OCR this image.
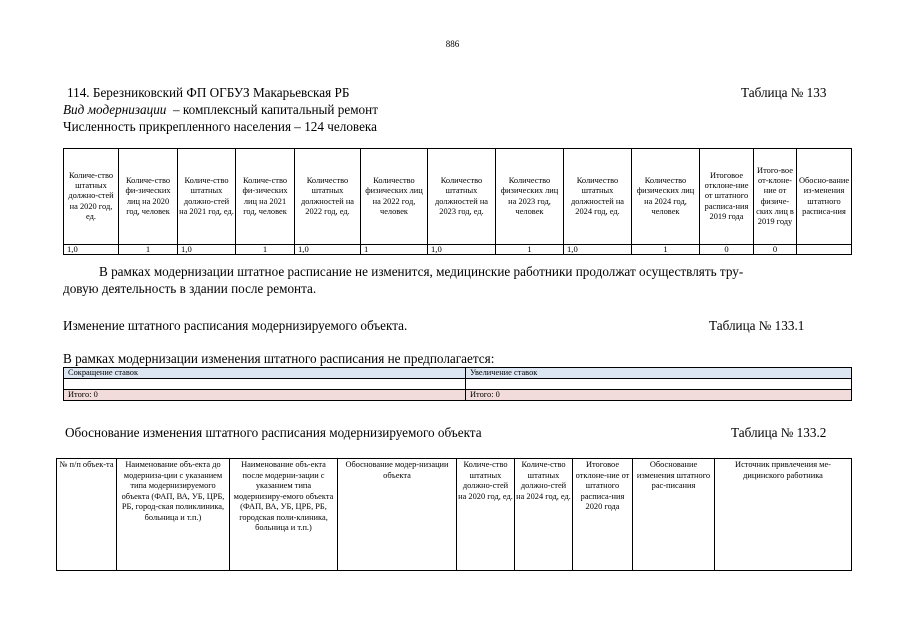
886
114. Березниковский ФП ОГБУЗ Макарьевская РБ	Таблица № 133
Вид модернизации – комплексный капитальный ремонт
Численность прикрепленного населения – 124 человека
Количе-ство штатных должно-стей на 2020 год, ед.	Количе-ство фи-зических лиц на 2020 год, человек	Количе-ство штатных должно-стей на 2021 год, ед.	Количе-ство фи-зических лиц на 2021 год, человек	Количество штатных должностей на 2022 год, ед.	Количество физических лиц на 2022 год, человек	Количество штатных должностей на 2023 год, ед.	Количество физических лиц на 2023 год, человек	Количество штатных должностей на 2024 год, ед.	Количество физических лиц на 2024 год, человек	Итоговое отклоне-ние от штатного расписа-ния 2019 года	Итого-вое от-клоне-ние от физиче-ских лиц в 2019 году	Обосно-вание из-менения штатного расписа-ния
1,0	1	1,0	1	1,0	1	1,0	1	1,0	1	0	0	
В рамках модернизации штатное расписание не изменится, медицинские работники продолжат осуществлять тру-
довую деятельность в здании после ремонта.
Изменение штатного расписания модернизируемого объекта.	Таблица № 133.1
В рамках модернизации изменения штатного расписания не предполагается:
Сокращение ставок	Увеличение ставок

Итого: 0	Итого: 0
Обоснование изменения штатного расписания модернизируемого объекта	Таблица № 133.2
№ п/п объек-та	Наименование объ-екта до модерниза-ции с указанием типа модернизируемого объекта (ФАП, ВА, УБ, ЦРБ, РБ, город-ская поликлиника, больница и т.п.)	Наименование объ-екта после модерни-зации с указанием типа модернизиру-емого объекта (ФАП, ВА, УБ, ЦРБ, РБ, городская поли-клиника, больница и т.п.)	Обоснование модер-низации объекта	Количе-ство штатных должно-стей на 2020 год, ед.	Количе-ство штатных должно-стей на 2024 год, ед.	Итоговое отклоне-ние от штатного расписа-ния 2020 года	Обоснование изменения штатного рас-писания	Источник привлечения ме-дицинского работника
